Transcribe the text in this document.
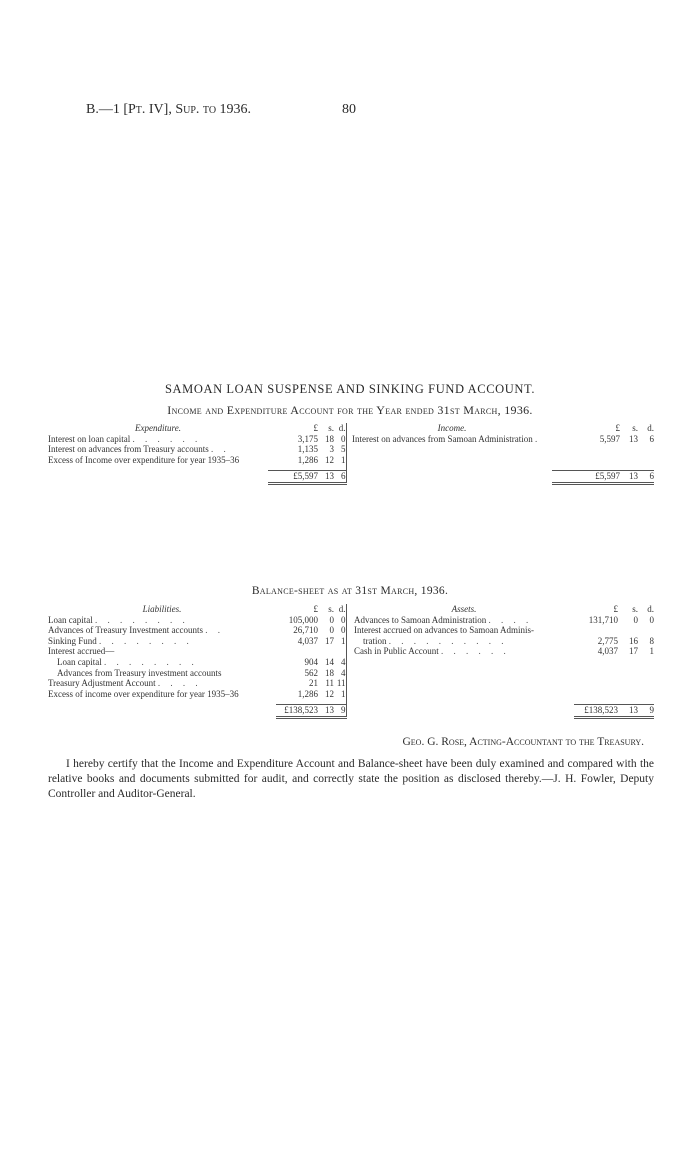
B.—1 [Pt. IV], Sup. to 1936.	80
SAMOAN LOAN SUSPENSE AND SINKING FUND ACCOUNT.
Income and Expenditure Account for the Year ended 31st March, 1936.
Expenditure.		£	s.	d.		Income.		£	s.	d.
Interest on loan capital . . . . . .		3,175	18	0		Interest on advances from Samoan Administration .		5,597	13	6
Interest on advances from Treasury accounts . .		1,135	3	5						
Excess of Income over expenditure for year 1935–36		1,286	12	1						

		£5,597	13	6				£5,597	13	6
Balance-sheet as at 31st March, 1936.
Liabilities.	£	s.	d.		Assets.	£	s.	d.
Loan capital . . . . . . . .	105,000	0	0		Advances to Samoan Administration . . . .	131,710	0	0
Advances of Treasury Investment accounts . .	26,710	0	0		Interest accrued on advances to Samoan Adminis-			
Sinking Fund . . . . . . . .	4,037	17	1		tration . . . . . . . . . .	2,775	16	8
Interest accrued—					Cash in Public Account . . . . . .	4,037	17	1
Loan capital . . . . . . . .	904	14	4					
Advances from Treasury investment accounts	562	18	4					
Treasury Adjustment Account . . . .	21	11	11					
Excess of income over expenditure for year 1935–36	1,286	12	1					

	£138,523	13	9			£138,523	13	9
Geo. G. Rose, Acting-Accountant to the Treasury.
I hereby certify that the Income and Expenditure Account and Balance-sheet have been duly examined and compared with the relative books and documents submitted for audit, and correctly state the position as disclosed thereby.—J. H. Fowler, Deputy Controller and Auditor-General.
